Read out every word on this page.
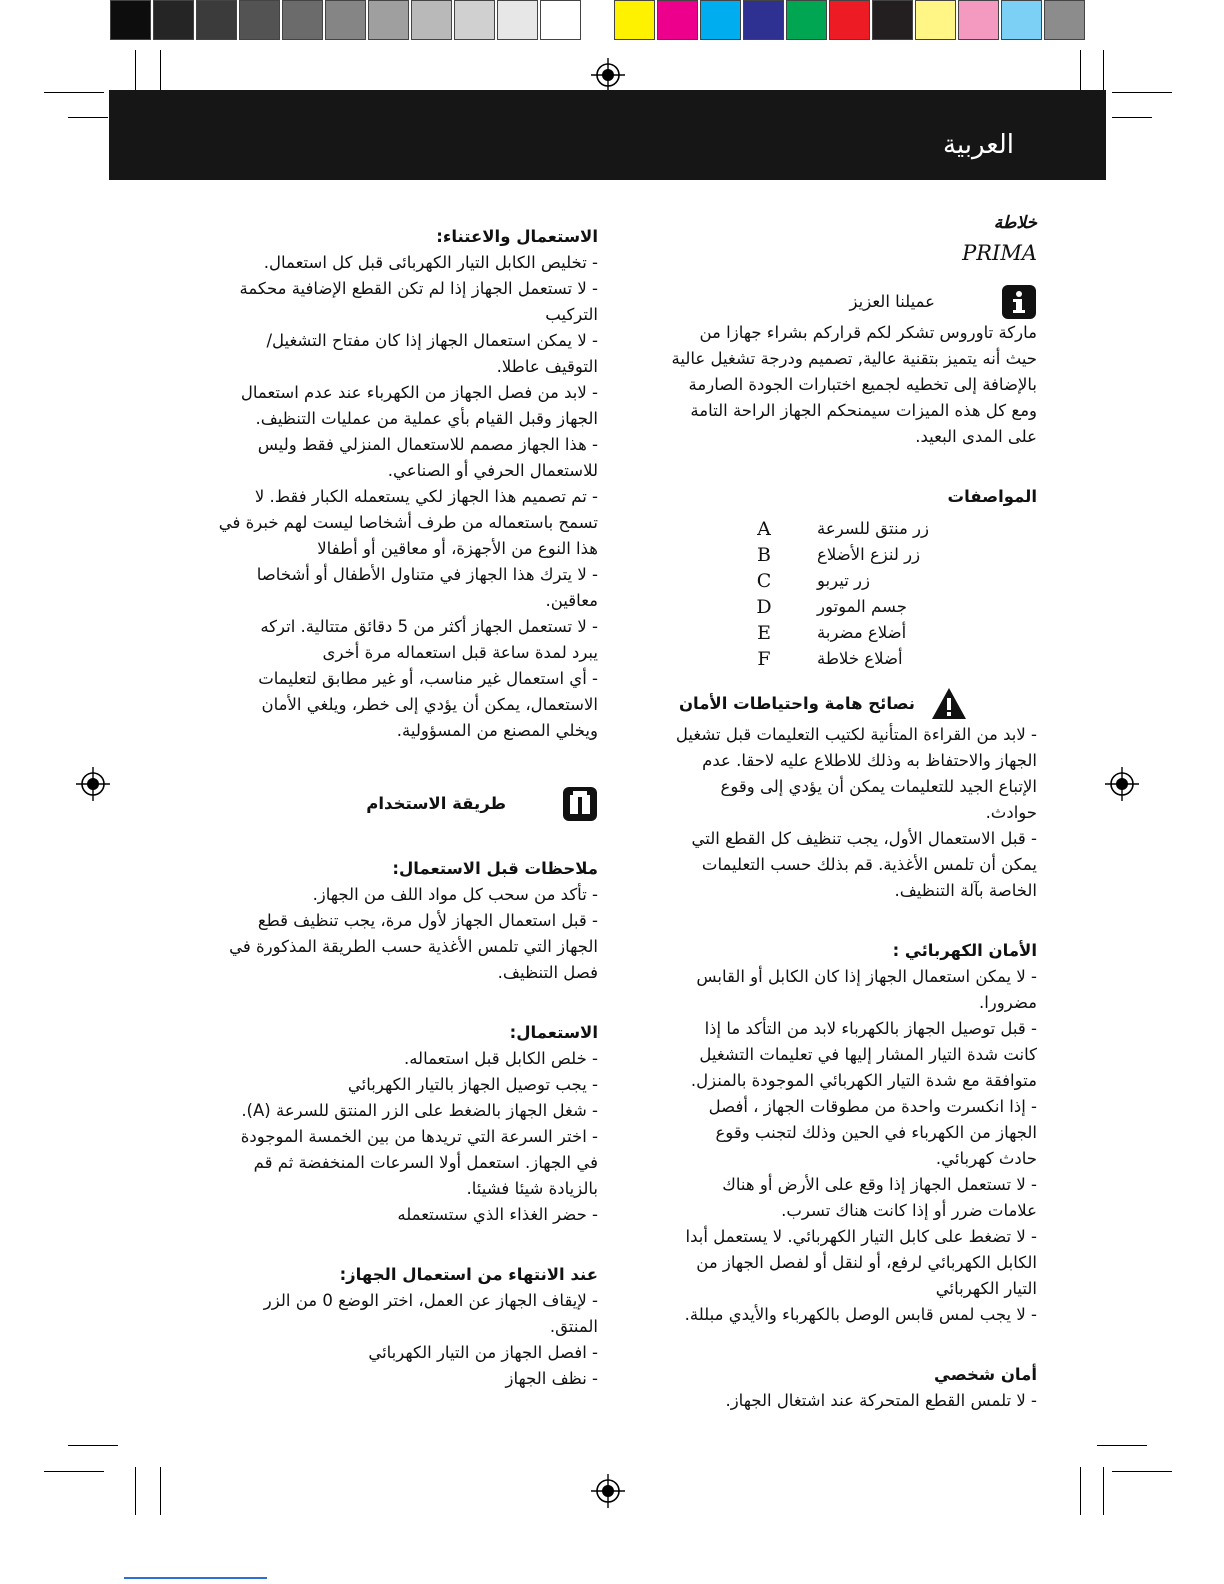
العربية

خلاطة

PRIMA

عميلنا العزيز

ماركة تاوروس تشكر لكم قراركم بشراء جهازا من

حيث أنه يتميز بتقنية عالية, تصميم ودرجة تشغيل عالية

بالإضافة إلى تخطيه لجميع اختبارات الجودة الصارمة

ومع كل هذه الميزات سيمنحكم الجهاز الراحة التامة

على المدى البعيد.

المواصفات

A	زر منتق للسرعة
B	زر لنزع الأضلاع
C	زر تيربو
D	جسم الموتور
E	أضلاع مضربة
F	أضلاع خلاطة
نصائح هامة واحتياطات الأمان

- لابد من القراءة المتأنية لكتيب التعليمات قبل تشغيل

الجهاز والاحتفاظ به وذلك للاطلاع عليه لاحقا. عدم

الإتباع الجيد للتعليمات يمكن أن يؤدي إلى وقوع

حوادث.

- قبل الاستعمال الأول، يجب تنظيف كل القطع التي

يمكن أن تلمس الأغذية. قم بذلك حسب التعليمات

الخاصة بآلة التنظيف.

الأمان الكهربائي :

- لا يمكن استعمال الجهاز إذا كان الكابل أو القابس

مضرورا.

- قبل توصيل الجهاز بالكهرباء لابد من التأكد ما إذا

كانت شدة التيار المشار إليها في تعليمات التشغيل

متوافقة مع شدة التيار الكهربائي الموجودة بالمنزل.

- إذا انكسرت واحدة من مطوقات الجهاز ، أفصل

الجهاز من الكهرباء في الحين وذلك لتجنب وقوع

حادث كهربائي.

- لا تستعمل الجهاز إذا وقع على الأرض أو هناك

علامات ضرر أو إذا كانت هناك تسرب.

- لا تضغط على كابل التيار الكهربائي. لا يستعمل أبدا

الكابل الكهربائي لرفع، أو لنقل أو لفصل الجهاز من

التيار الكهربائي

- لا يجب لمس قابس الوصل بالكهرباء والأيدي مبللة.

أمان شخصي

- لا تلمس القطع المتحركة عند اشتغال الجهاز.

الاستعمال والاعتناء:

- تخليص الكابل التيار الكهربائى قبل كل استعمال.

- لا تستعمل الجهاز إذا لم تكن القطع الإضافية محكمة

التركيب

- لا يمكن استعمال الجهاز إذا كان مفتاح التشغيل/

التوقيف عاطلا.

- لابد من فصل الجهاز من الكهرباء عند عدم استعمال

الجهاز وقبل القيام بأي عملية من عمليات التنظيف.

- هذا الجهاز مصمم للاستعمال المنزلي فقط وليس

للاستعمال الحرفي أو الصناعي.

- تم تصميم هذا الجهاز لكي يستعمله الكبار فقط. لا

تسمح باستعماله من طرف أشخاصا ليست لهم خبرة في

هذا النوع من الأجهزة، أو معاقين أو أطفالا

- لا يترك هذا الجهاز في متناول الأطفال أو أشخاصا

معاقين.

- لا تستعمل الجهاز أكثر من 5 دقائق متتالية. اتركه

يبرد لمدة ساعة قبل استعماله مرة أخرى

- أي استعمال غير مناسب، أو غير مطابق لتعليمات

الاستعمال، يمكن أن يؤدي إلى خطر، ويلغي الأمان

ويخلي المصنع من المسؤولية.

طريقة الاستخدام

ملاحظات قبل الاستعمال:

- تأكد من سحب كل مواد اللف من الجهاز.

- قبل استعمال الجهاز لأول مرة، يجب تنظيف قطع

الجهاز التي تلمس الأغذية حسب الطريقة المذكورة في

فصل التنظيف.

الاستعمال:

- خلص الكابل قبل استعماله.

- يجب توصيل الجهاز بالتيار الكهربائي

- شغل الجهاز بالضغط على الزر المنتق للسرعة (A).

- اختر السرعة التي تريدها من بين الخمسة الموجودة

في الجهاز. استعمل أولا السرعات المنخفضة ثم قم

بالزيادة شيئا فشيئا.

- حضر الغذاء الذي ستستعمله

عند الانتهاء من استعمال الجهاز:

- لإيقاف الجهاز عن العمل، اختر الوضع 0 من الزر

المنتق.

- افصل الجهاز من التيار الكهربائي

- نظف الجهاز
